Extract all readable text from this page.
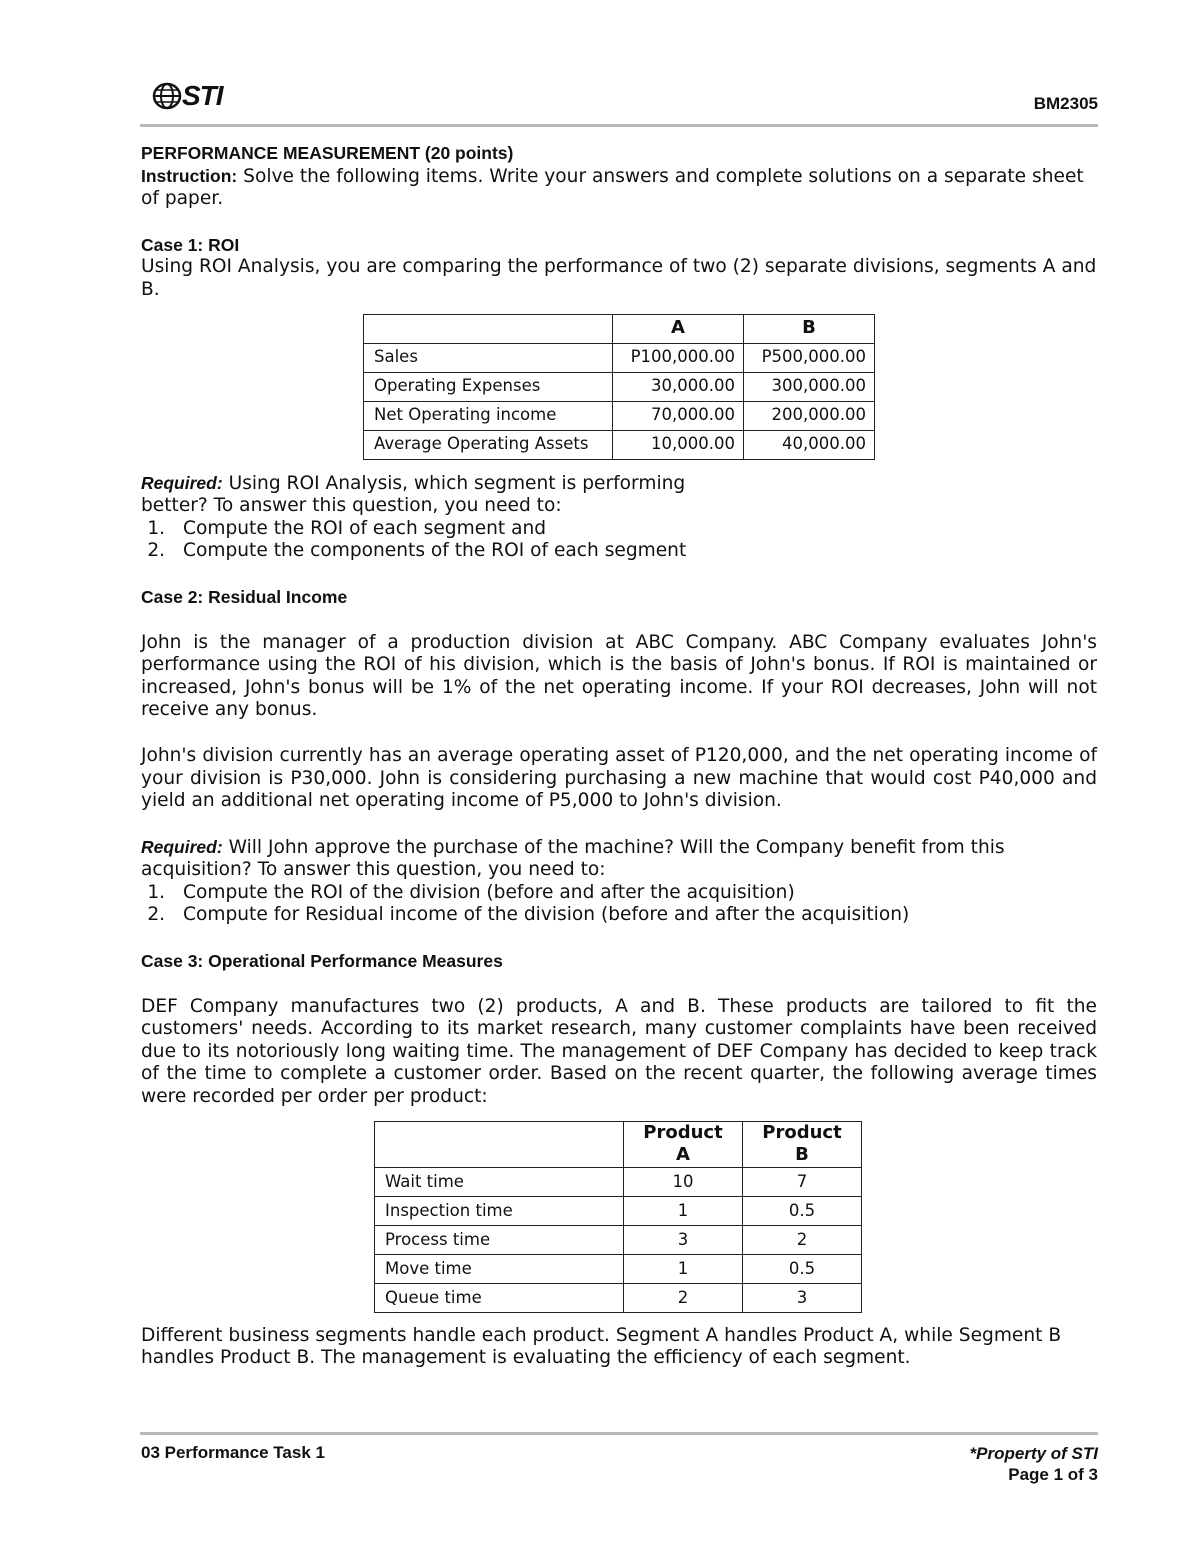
STI	BM2305

PERFORMANCE MEASUREMENT (20 points)

Instruction: Solve the following items. Write your answers and complete solutions on a separate sheet of paper.

Case 1: ROI

Using ROI Analysis, you are comparing the performance of two (2) separate divisions, segments A and B.

	A	B
Sales	P100,000.00	P500,000.00
Operating Expenses	30,000.00	300,000.00
Net Operating income	70,000.00	200,000.00
Average Operating Assets	10,000.00	40,000.00

Required: Using ROI Analysis, which segment is performing

better? To answer this question, you need to:

1. Compute the ROI of each segment and
2. Compute the components of the ROI of each segment

Case 2: Residual Income

John is the manager of a production division at ABC Company. ABC Company evaluates John's performance using the ROI of his division, which is the basis of John's bonus. If ROI is maintained or increased, John's bonus will be 1% of the net operating income. If your ROI decreases, John will not receive any bonus.

John's division currently has an average operating asset of P120,000, and the net operating income of your division is P30,000. John is considering purchasing a new machine that would cost P40,000 and yield an additional net operating income of P5,000 to John's division.

Required: Will John approve the purchase of the machine? Will the Company benefit from this acquisition? To answer this question, you need to:

1. Compute the ROI of the division (before and after the acquisition)
2. Compute for Residual income of the division (before and after the acquisition)

Case 3: Operational Performance Measures

DEF Company manufactures two (2) products, A and B. These products are tailored to fit the customers' needs. According to its market research, many customer complaints have been received due to its notoriously long waiting time. The management of DEF Company has decided to keep track of the time to complete a customer order. Based on the recent quarter, the following average times were recorded per order per product:

	Product A	Product B
Wait time	10	7
Inspection time	1	0.5
Process time	3	2
Move time	1	0.5
Queue time	2	3

Different business segments handle each product. Segment A handles Product A, while Segment B handles Product B. The management is evaluating the efficiency of each segment.

03 Performance Task 1	*Property of STI
Page 1 of 3
